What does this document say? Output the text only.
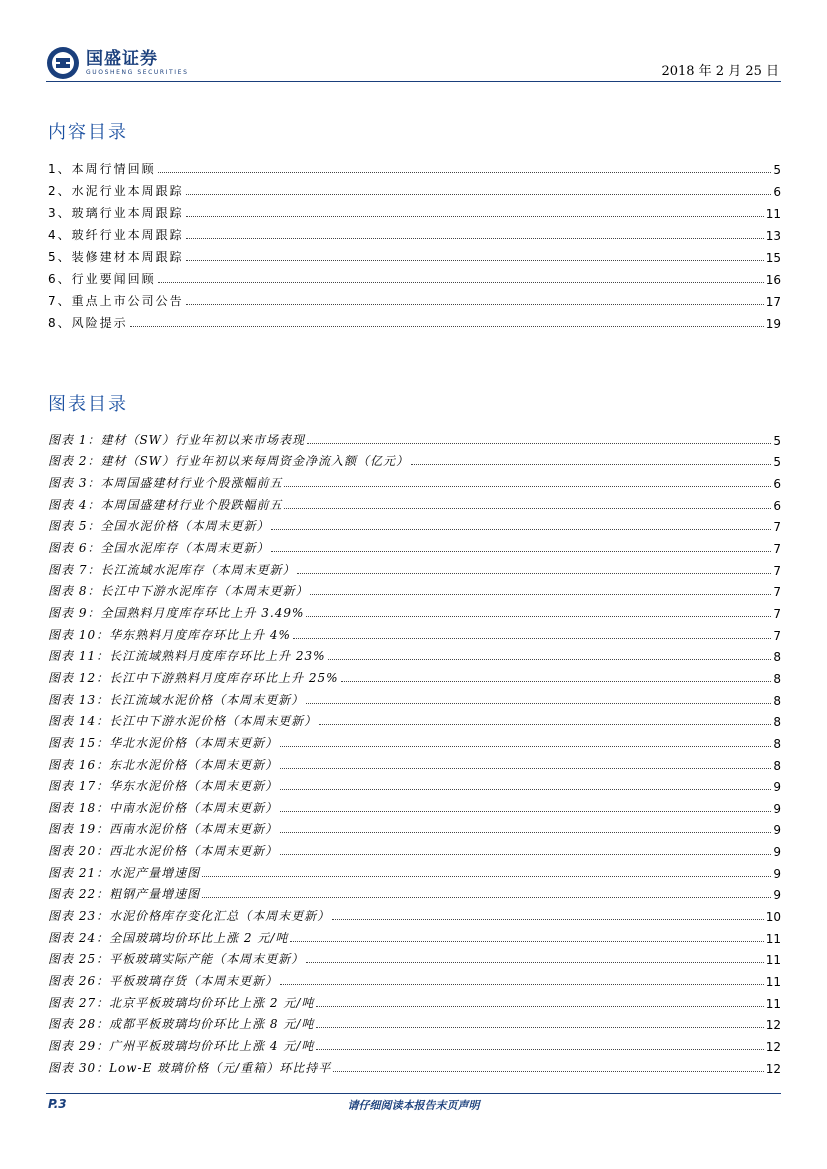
国盛证券
GUOSHENG SECURITIES	2018 年 2 月 25 日
内容目录
1、本周行情回顾	5
2、水泥行业本周跟踪	6
3、玻璃行业本周跟踪	11
4、玻纤行业本周跟踪	13
5、装修建材本周跟踪	15
6、行业要闻回顾	16
7、重点上市公司公告	17
8、风险提示	19
图表目录
图表 1：建材（SW）行业年初以来市场表现	5
图表 2：建材（SW）行业年初以来每周资金净流入额（亿元）	5
图表 3：本周国盛建材行业个股涨幅前五	6
图表 4：本周国盛建材行业个股跌幅前五	6
图表 5：全国水泥价格（本周末更新）	7
图表 6：全国水泥库存（本周末更新）	7
图表 7：长江流域水泥库存（本周末更新）	7
图表 8：长江中下游水泥库存（本周末更新）	7
图表 9：全国熟料月度库存环比上升 3.49%	7
图表 10：华东熟料月度库存环比上升 4%	7
图表 11：长江流域熟料月度库存环比上升 23%	8
图表 12：长江中下游熟料月度库存环比上升 25%	8
图表 13：长江流域水泥价格（本周末更新）	8
图表 14：长江中下游水泥价格（本周末更新）	8
图表 15：华北水泥价格（本周末更新）	8
图表 16：东北水泥价格（本周末更新）	8
图表 17：华东水泥价格（本周末更新）	9
图表 18：中南水泥价格（本周末更新）	9
图表 19：西南水泥价格（本周末更新）	9
图表 20：西北水泥价格（本周末更新）	9
图表 21：水泥产量增速图	9
图表 22：粗钢产量增速图	9
图表 23：水泥价格库存变化汇总（本周末更新）	10
图表 24：全国玻璃均价环比上涨 2 元/吨	11
图表 25：平板玻璃实际产能（本周末更新）	11
图表 26：平板玻璃存货（本周末更新）	11
图表 27：北京平板玻璃均价环比上涨 2 元/吨	11
图表 28：成都平板玻璃均价环比上涨 8 元/吨	12
图表 29：广州平板玻璃均价环比上涨 4 元/吨	12
图表 30：Low-E 玻璃价格（元/重箱）环比持平	12
P.3	请仔细阅读本报告末页声明
